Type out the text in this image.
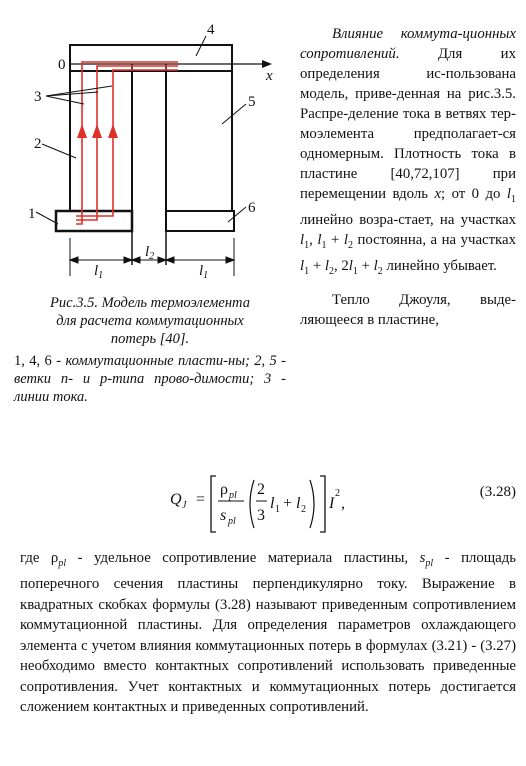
4
0
x
3	5
2
6
1
$l_1$
$l_2$
$l_1$
Рис.3.5. Модель термоэлемента
для расчета коммутационных
потерь [40].
1, 4, 6 - коммутационные пласти-ны; 2, 5 - ветки n- и p-типа прово-димости; 3 - линии тока.

Влияние коммута-ционных сопротивлений. Для их определения ис-пользована модель, приве-денная на рис.3.5. Распре-деление тока в ветвях тер-моэлемента предполагает-ся одномерным. Плотность тока в пластине [40,72,107] при перемещении вдоль x; от 0 до $l_1$ линейно возра-стает, на участках $l_1$, $l_1 + l_2$ постоянна, а на участках $l_1 + l_2$, $2l_1 + l_2$ линейно убывает.

Тепло Джоуля, выде-ляющееся в пластине,

Q J =
ρ pl
s pl
2
3
l 1 + l 2 I
2
,
(3.28)

где $\rho_{pl}$ - удельное сопротивление материала пластины, $s_{pl}$ - площадь поперечного сечения пластины перпендикулярно току. Выражение в квадратных скобках формулы (3.28) называют приведенным сопротивлением коммутационной пластины. Для определения параметров охлаждающего элемента с учетом влияния коммутационных потерь в формулах (3.21) - (3.27) необходимо вместо контактных сопротивлений использовать приведенные сопротивления. Учет контактных и коммутационных потерь достигается сложением контактных и приведенных сопротивлений.
